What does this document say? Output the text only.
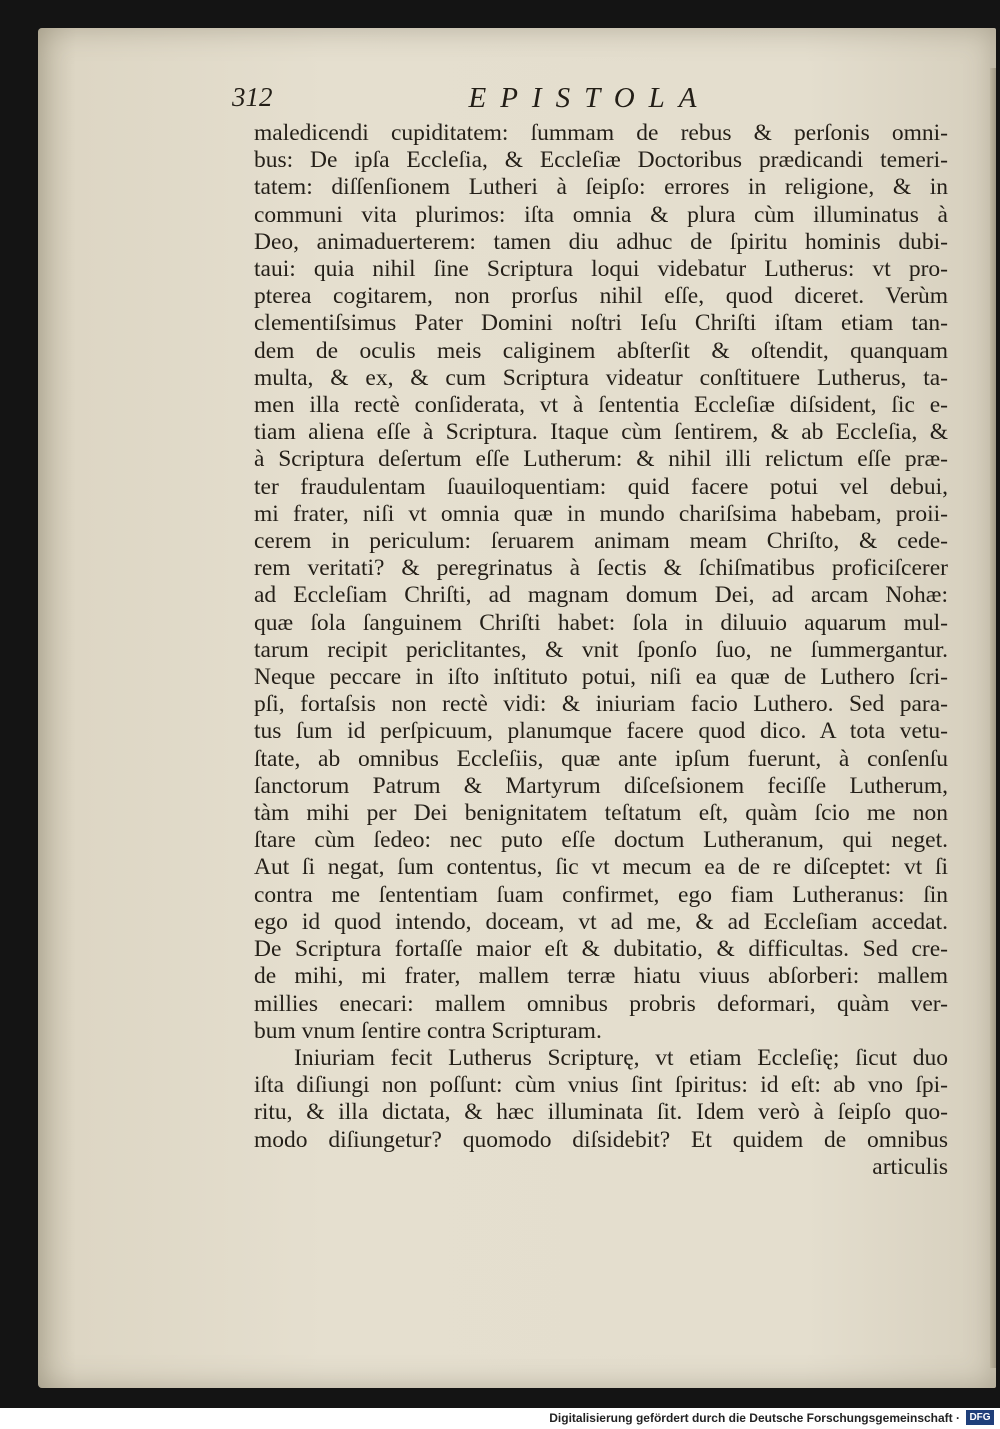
312	EPISTOLA
maledicendi cupiditatem: ſummam de rebus & perſonis omni-
bus: De ipſa Eccleſia, & Eccleſiæ Doctoribus prædicandi temeri-
tatem: diſſenſionem Lutheri à ſeipſo: errores in religione, & in
communi vita plurimos: iſta omnia & plura cùm illuminatus à
Deo, animaduerterem: tamen diu adhuc de ſpiritu hominis dubi-
taui: quia nihil ſine Scriptura loqui videbatur Lutherus: vt pro-
pterea cogitarem, non prorſus nihil eſſe, quod diceret. Verùm
clementiſsimus Pater Domini noſtri Ieſu Chriſti iſtam etiam tan-
dem de oculis meis caliginem abſterſit & oſtendit, quanquam
multa, & ex, & cum Scriptura videatur conſtituere Lutherus, ta-
men illa rectè conſiderata, vt à ſententia Eccleſiæ diſsident, ſic e-
tiam aliena eſſe à Scriptura. Itaque cùm ſentirem, & ab Eccleſia, &
à Scriptura deſertum eſſe Lutherum: & nihil illi relictum eſſe præ-
ter fraudulentam ſuauiloquentiam: quid facere potui vel debui,
mi frater, niſi vt omnia quæ in mundo chariſsima habebam, proii-
cerem in periculum: ſeruarem animam meam Chriſto, & cede-
rem veritati? & peregrinatus à ſectis & ſchiſmatibus proficiſcerer
ad Eccleſiam Chriſti, ad magnam domum Dei, ad arcam Nohæ:
quæ ſola ſanguinem Chriſti habet: ſola in diluuio aquarum mul-
tarum recipit periclitantes, & vnit ſponſo ſuo, ne ſummergantur.
Neque peccare in iſto inſtituto potui, niſi ea quæ de Luthero ſcri-
pſi, fortaſsis non rectè vidi: & iniuriam facio Luthero. Sed para-
tus ſum id perſpicuum, planumque facere quod dico. A tota vetu-
ſtate, ab omnibus Eccleſiis, quæ ante ipſum fuerunt, à conſenſu
ſanctorum Patrum & Martyrum diſceſsionem feciſſe Lutherum,
tàm mihi per Dei benignitatem teſtatum eſt, quàm ſcio me non
ſtare cùm ſedeo: nec puto eſſe doctum Lutheranum, qui neget.
Aut ſi negat, ſum contentus, ſic vt mecum ea de re diſceptet: vt ſi
contra me ſententiam ſuam confirmet, ego fiam Lutheranus: ſin
ego id quod intendo, doceam, vt ad me, & ad Eccleſiam accedat.
De Scriptura fortaſſe maior eſt & dubitatio, & difficultas. Sed cre-
de mihi, mi frater, mallem terræ hiatu viuus abſorberi: mallem
millies enecari: mallem omnibus probris deformari, quàm ver-
bum vnum ſentire contra Scripturam.
Iniuriam fecit Lutherus Scripturę, vt etiam Eccleſię; ſicut duo
iſta diſiungi non poſſunt: cùm vnius ſint ſpiritus: id eſt: ab vno ſpi-
ritu, & illa dictata, & hæc illuminata ſit. Idem verò à ſeipſo quo-
modo diſiungetur? quomodo diſsidebit? Et quidem de omnibus
articulis
Digitalisierung gefördert durch die Deutsche Forschungsgemeinschaft · DFG
